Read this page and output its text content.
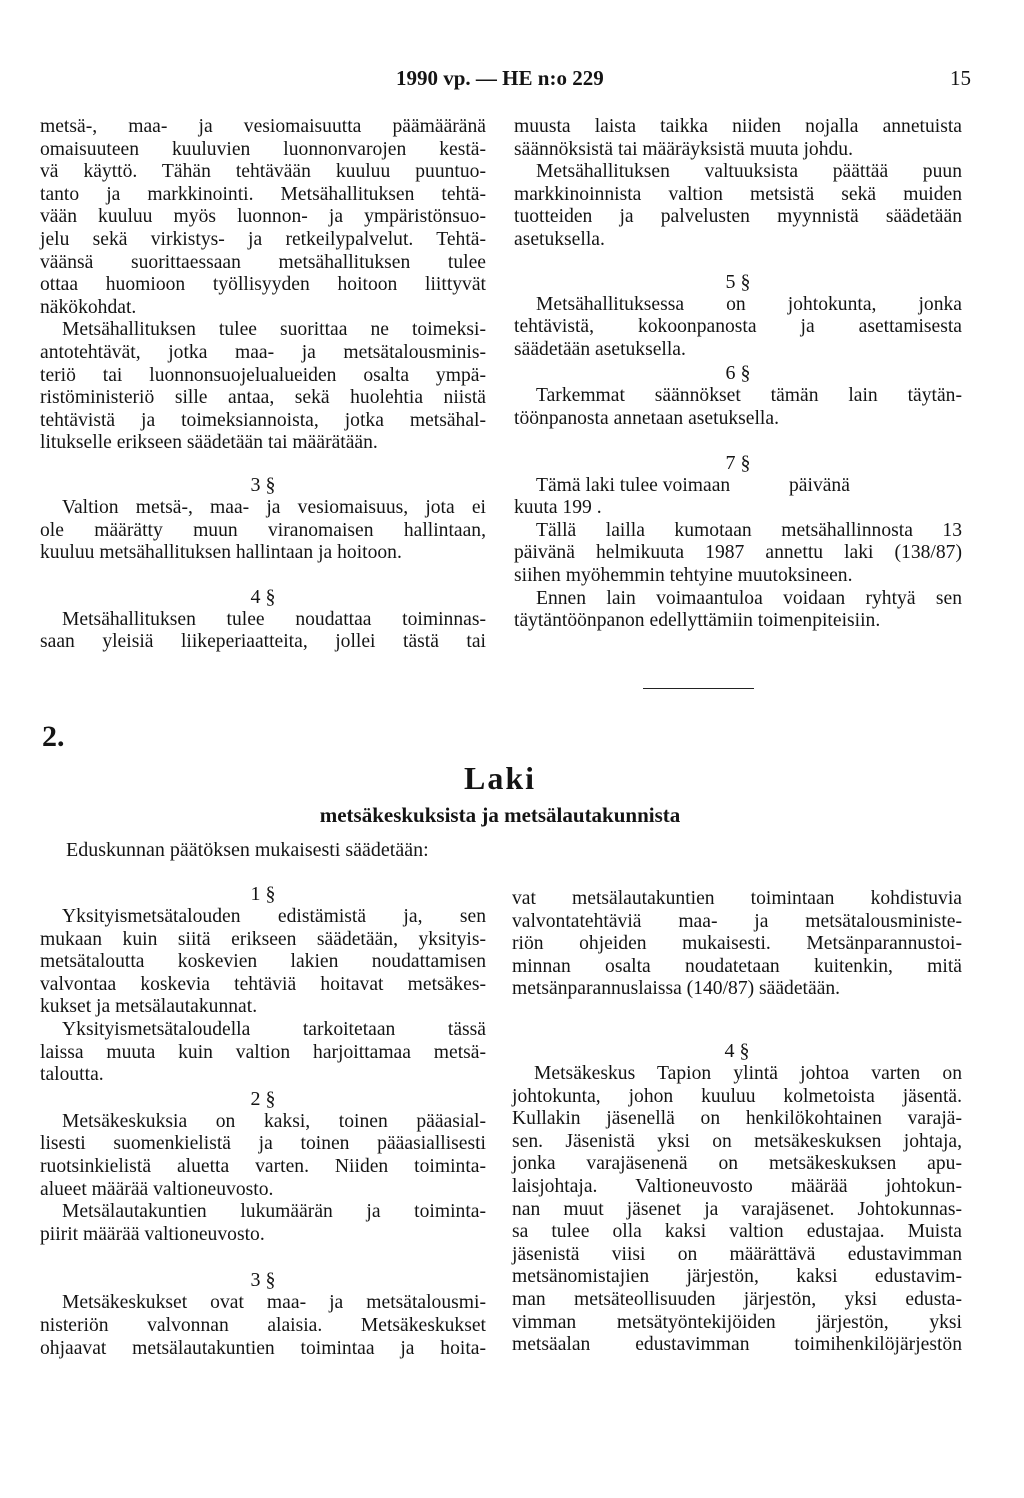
1990 vp. — HE n:o 229	15

metsä-, maa- ja vesiomaisuutta päämääränä
omaisuuteen kuuluvien luonnonvarojen kestä-
vä käyttö. Tähän tehtävään kuuluu puuntuo-
tanto ja markkinointi. Metsähallituksen tehtä-
vään kuuluu myös luonnon- ja ympäristönsuo-
jelu sekä virkistys- ja retkeilypalvelut. Tehtä-
väänsä suorittaessaan metsähallituksen tulee
ottaa huomioon työllisyyden hoitoon liittyvät
näkökohdat.

Metsähallituksen tulee suorittaa ne toimeksi-
antotehtävät, jotka maa- ja metsätalousminis-
teriö tai luonnonsuojelualueiden osalta ympä-
ristöministeriö sille antaa, sekä huolehtia niistä
tehtävistä ja toimeksiannoista, jotka metsähal-
litukselle erikseen säädetään tai määrätään.

3 §

Valtion metsä-, maa- ja vesiomaisuus, jota ei
ole määrätty muun viranomaisen hallintaan,
kuuluu metsähallituksen hallintaan ja hoitoon.

4 §

Metsähallituksen tulee noudattaa toiminnas-
saan yleisiä liikeperiaatteita, jollei tästä tai

muusta laista taikka niiden nojalla annetuista
säännöksistä tai määräyksistä muuta johdu.

Metsähallituksen valtuuksista päättää puun
markkinoinnista valtion metsistä sekä muiden
tuotteiden ja palvelusten myynnistä säädetään
asetuksella.

5 §

Metsähallituksessa on johtokunta, jonka
tehtävistä, kokoonpanosta ja asettamisesta
säädetään asetuksella.

6 §

Tarkemmat säännökset tämän lain täytän-
töönpanosta annetaan asetuksella.

7 §

Tämä laki tulee voimaan            päivänä
kuuta 199 .

Tällä lailla kumotaan metsähallinnosta 13
päivänä helmikuuta 1987 annettu laki (138/87)
siihen myöhemmin tehtyine muutoksineen.

Ennen lain voimaantuloa voidaan ryhtyä sen
täytäntöönpanon edellyttämiin toimenpiteisiin.

2.
Laki
metsäkeskuksista ja metsälautakunnista
Eduskunnan päätöksen mukaisesti säädetään:

1 §

Yksityismetsätalouden edistämistä ja, sen
mukaan kuin siitä erikseen säädetään, yksityis-
metsätaloutta koskevien lakien noudattamisen
valvontaa koskevia tehtäviä hoitavat metsäkes-
kukset ja metsälautakunnat.

Yksityismetsätaloudella tarkoitetaan tässä
laissa muuta kuin valtion harjoittamaa metsä-
taloutta.

2 §

Metsäkeskuksia on kaksi, toinen pääasial-
lisesti suomenkielistä ja toinen pääasiallisesti
ruotsinkielistä aluetta varten. Niiden toiminta-
alueet määrää valtioneuvosto.

Metsälautakuntien lukumäärän ja toiminta-
piirit määrää valtioneuvosto.

3 §

Metsäkeskukset ovat maa- ja metsätalousmi-
nisteriön valvonnan alaisia. Metsäkeskukset
ohjaavat metsälautakuntien toimintaa ja hoita-

vat metsälautakuntien toimintaan kohdistuvia
valvontatehtäviä maa- ja metsätalousministe-
riön ohjeiden mukaisesti. Metsänparannustoi-
minnan osalta noudatetaan kuitenkin, mitä
metsänparannuslaissa (140/87) säädetään.

4 §

Metsäkeskus Tapion ylintä johtoa varten on
johtokunta, johon kuuluu kolmetoista jäsentä.
Kullakin jäsenellä on henkilökohtainen varajä-
sen. Jäsenistä yksi on metsäkeskuksen johtaja,
jonka varajäsenenä on metsäkeskuksen apu-
laisjohtaja. Valtioneuvosto määrää johtokun-
nan muut jäsenet ja varajäsenet. Johtokunnas-
sa tulee olla kaksi valtion edustajaa. Muista
jäsenistä viisi on määrättävä edustavimman
metsänomistajien järjestön, kaksi edustavim-
man metsäteollisuuden järjestön, yksi edusta-
vimman metsätyöntekijöiden järjestön, yksi
metsäalan edustavimman toimihenkilöjärjestön
